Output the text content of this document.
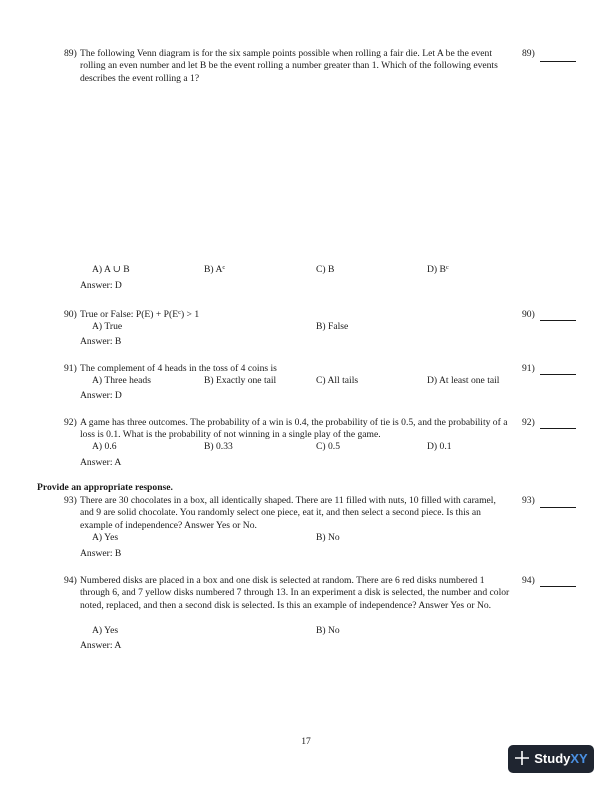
89) The following Venn diagram is for the six sample points possible when rolling a fair die. Let A be the event rolling an even number and let B be the event rolling a number greater than 1. Which of the following events describes the event rolling a 1?
89)
A) A ∪ B	B) $A^c$	C) B	D) $B^c$
Answer: D
90) True or False: $P(E) + P(E^c) > 1$	90)
A) True	B) False
Answer: B
91) The complement of 4 heads in the toss of 4 coins is	91)
A) Three heads	B) Exactly one tail	C) All tails	D) At least one tail
Answer: D
92) A game has three outcomes. The probability of a win is 0.4, the probability of tie is 0.5, and the probability of a loss is 0.1. What is the probability of not winning in a single play of the game.
92)
A) 0.6	B) 0.33	C) 0.5	D) 0.1
Answer: A
Provide an appropriate response.
93) There are 30 chocolates in a box, all identically shaped. There are 11 filled with nuts, 10 filled with caramel, and 9 are solid chocolate. You randomly select one piece, eat it, and then select a second piece. Is this an example of independence? Answer Yes or No.
93)
A) Yes	B) No
Answer: B
94) Numbered disks are placed in a box and one disk is selected at random. There are 6 red disks numbered 1 through 6, and 7 yellow disks numbered 7 through 13. In an experiment a disk is selected, the number and color noted, replaced, and then a second disk is selected. Is this an example of independence? Answer Yes or No.
94)
A) Yes	B) No
Answer: A
17
StudyXY
